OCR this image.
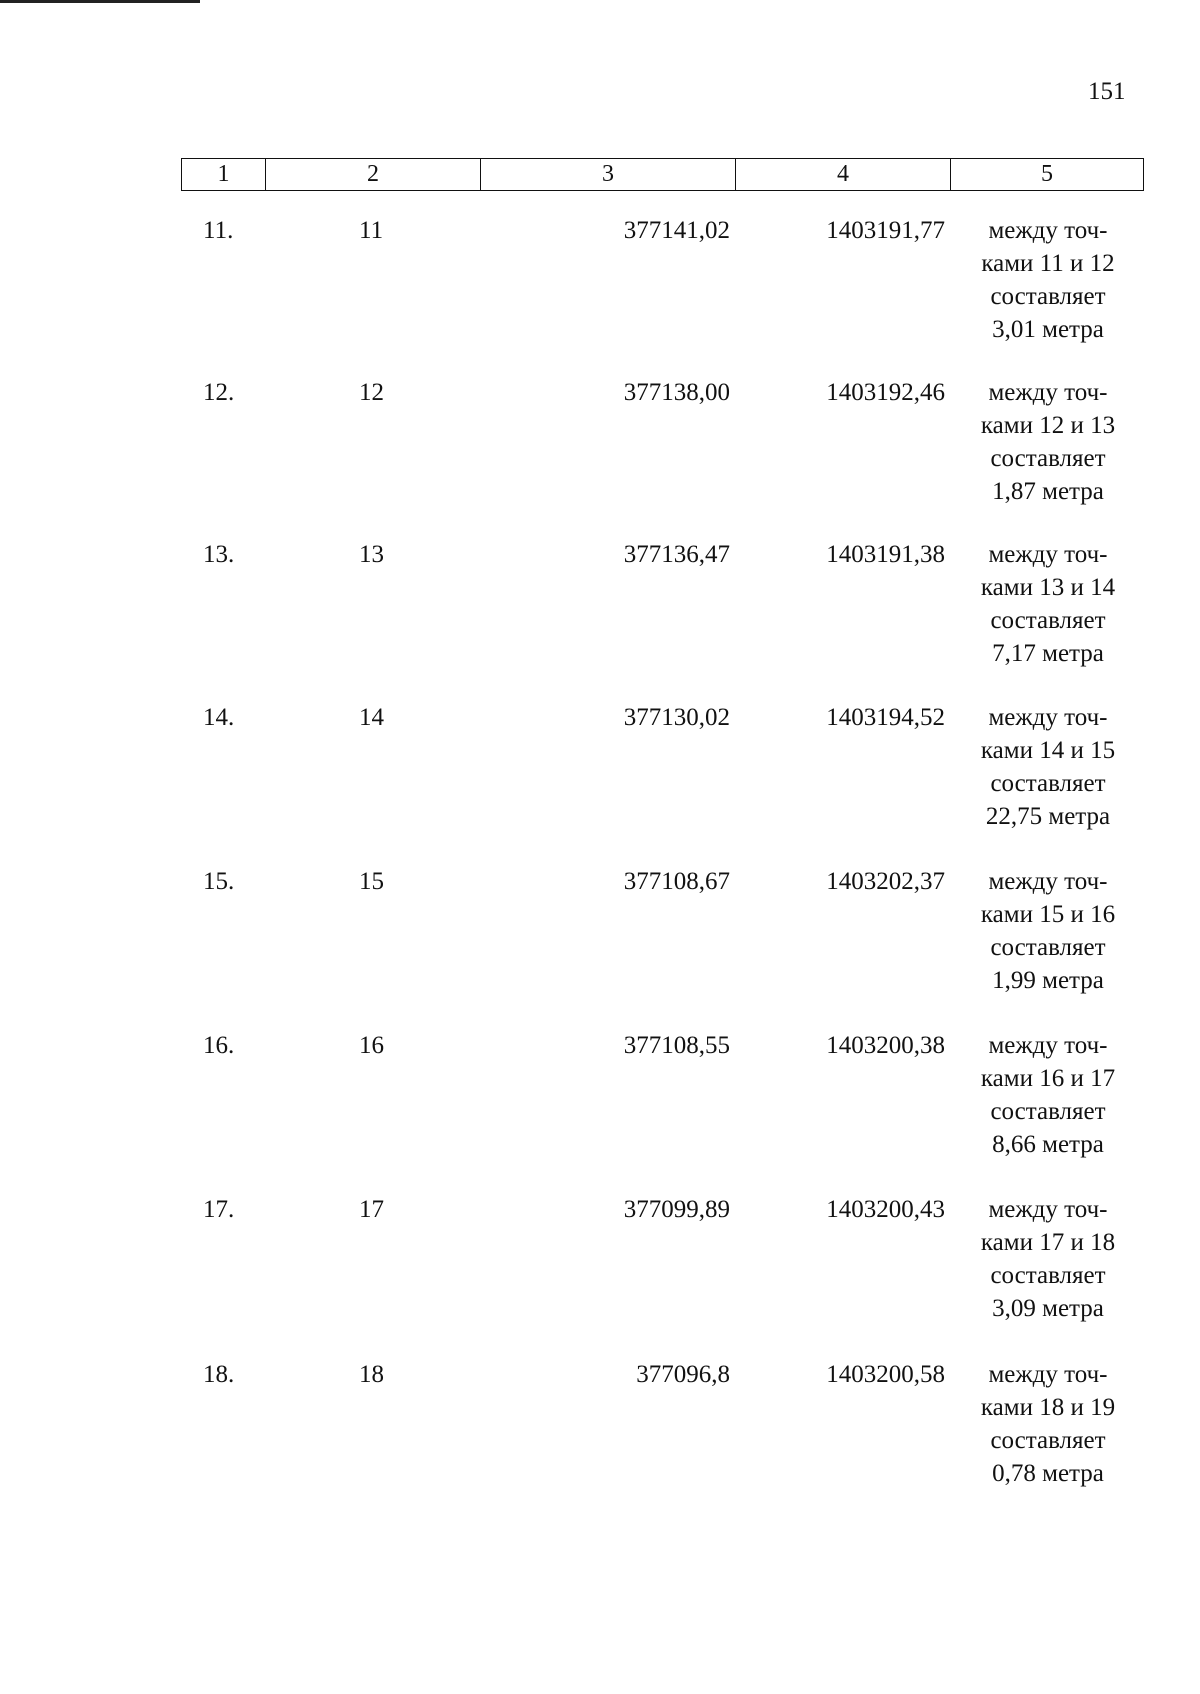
151
1	2	3	4	5
11.	11	377141,02	1403191,77	между точ-
ками 11 и 12
составляет
3,01 метра
12.	12	377138,00	1403192,46	между точ-
ками 12 и 13
составляет
1,87 метра
13.	13	377136,47	1403191,38	между точ-
ками 13 и 14
составляет
7,17 метра
14.	14	377130,02	1403194,52	между точ-
ками 14 и 15
составляет
22,75 метра
15.	15	377108,67	1403202,37	между точ-
ками 15 и 16
составляет
1,99 метра
16.	16	377108,55	1403200,38	между точ-
ками 16 и 17
составляет
8,66 метра
17.	17	377099,89	1403200,43	между точ-
ками 17 и 18
составляет
3,09 метра
18.	18	377096,8	1403200,58	между точ-
ками 18 и 19
составляет
0,78 метра
